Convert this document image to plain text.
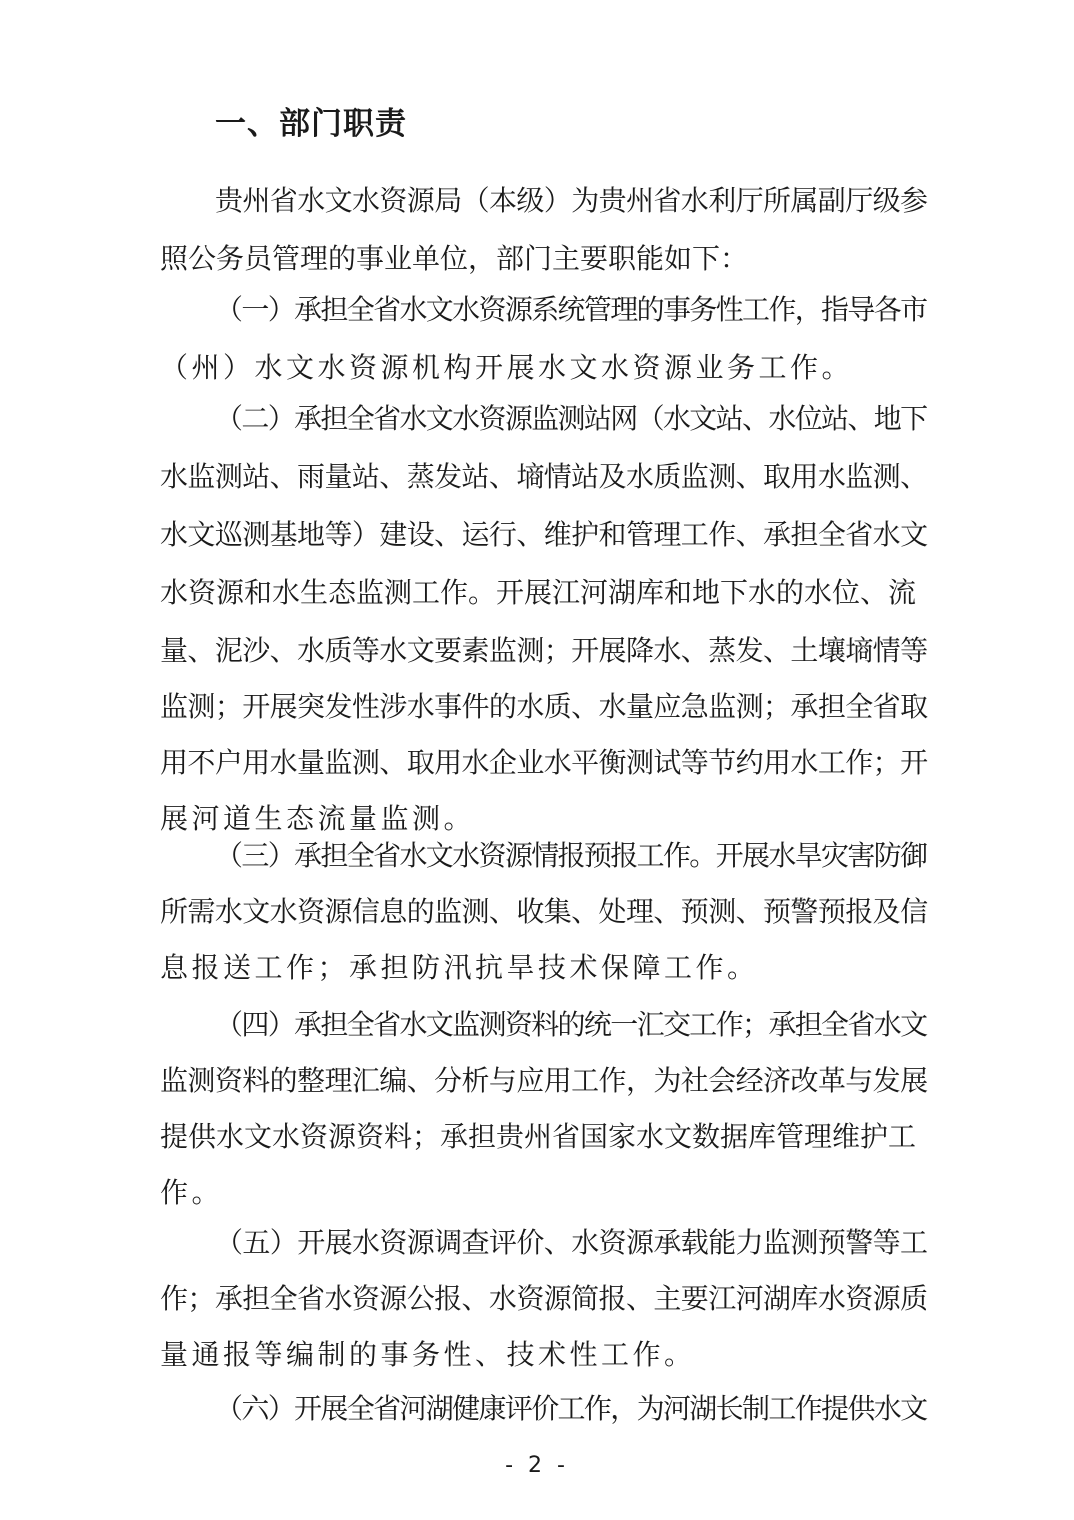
一、部门职责

贵州省水文水资源局（本级）为贵州省水利厅所属副厅级参

照公务员管理的事业单位，部门主要职能如下：

（一）承担全省水文水资源系统管理的事务性工作，指导各市

（州）水文水资源机构开展水文水资源业务工作。

（二）承担全省水文水资源监测站网（水文站、水位站、地下

水监测站、雨量站、蒸发站、墒情站及水质监测、取用水监测、

水文巡测基地等）建设、运行、维护和管理工作、承担全省水文

水资源和水生态监测工作。开展江河湖库和地下水的水位、流

量、泥沙、水质等水文要素监测；开展降水、蒸发、土壤墒情等

监测；开展突发性涉水事件的水质、水量应急监测；承担全省取

用不户用水量监测、取用水企业水平衡测试等节约用水工作；开

展河道生态流量监测。

（三）承担全省水文水资源情报预报工作。开展水旱灾害防御

所需水文水资源信息的监测、收集、处理、预测、预警预报及信

息报送工作；承担防汛抗旱技术保障工作。

（四）承担全省水文监测资料的统一汇交工作；承担全省水文

监测资料的整理汇编、分析与应用工作，为社会经济改革与发展

提供水文水资源资料；承担贵州省国家水文数据库管理维护工

作。

（五）开展水资源调查评价、水资源承载能力监测预警等工

作；承担全省水资源公报、水资源简报、主要江河湖库水资源质

量通报等编制的事务性、技术性工作。

（六）开展全省河湖健康评价工作，为河湖长制工作提供水文

- 2 -
